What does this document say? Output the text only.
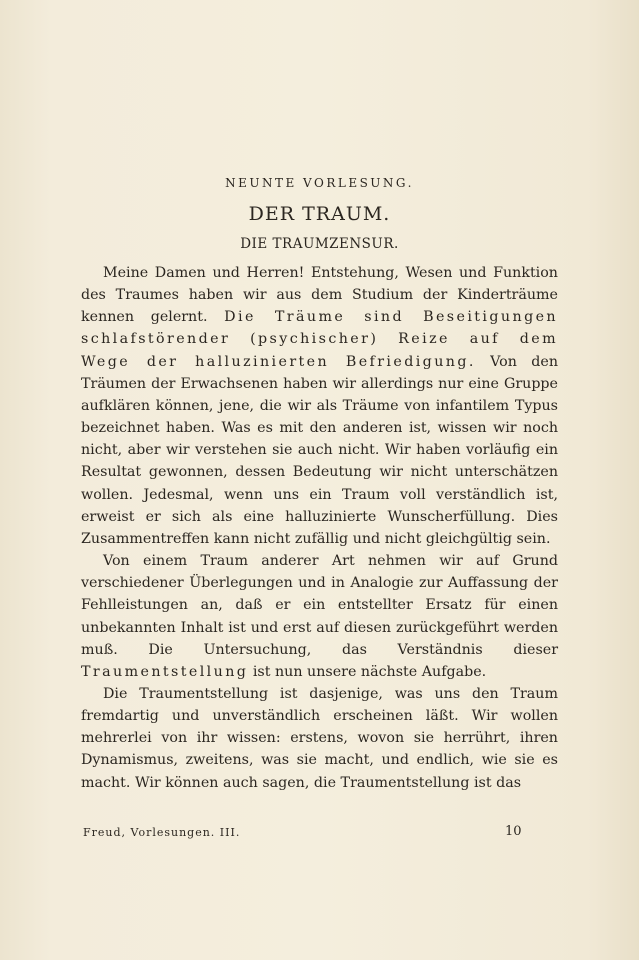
NEUNTE VORLESUNG.
DER TRAUM.
DIE TRAUMZENSUR.

Meine Damen und Herren! Entstehung, Wesen und Funktion des Traumes haben wir aus dem Studium der Kinderträume kennen gelernt. Die Träume sind Beseitigungen schlafstörender (psychischer) Reize auf dem Wege der halluzinierten Befriedigung. Von den Träumen der Erwachsenen haben wir allerdings nur eine Gruppe aufklären können, jene, die wir als Träume von infantilem Typus bezeichnet haben. Was es mit den anderen ist, wissen wir noch nicht, aber wir verstehen sie auch nicht. Wir haben vorläufig ein Resultat gewonnen, dessen Bedeutung wir nicht unterschätzen wollen. Jedesmal, wenn uns ein Traum voll verständlich ist, erweist er sich als eine halluzinierte Wunscherfüllung. Dies Zusammentreffen kann nicht zufällig und nicht gleichgültig sein.

Von einem Traum anderer Art nehmen wir auf Grund verschiedener Überlegungen und in Analogie zur Auffassung der Fehlleistungen an, daß er ein entstellter Ersatz für einen unbekannten Inhalt ist und erst auf diesen zurückgeführt werden muß. Die Untersuchung, das Verständnis dieser Traumentstellung ist nun unsere nächste Aufgabe.

Die Traumentstellung ist dasjenige, was uns den Traum fremdartig und unverständlich erscheinen läßt. Wir wollen mehrerlei von ihr wissen: erstens, wovon sie herrührt, ihren Dynamismus, zweitens, was sie macht, und endlich, wie sie es macht. Wir können auch sagen, die Traumentstellung ist das

Freud, Vorlesungen. III.	10
